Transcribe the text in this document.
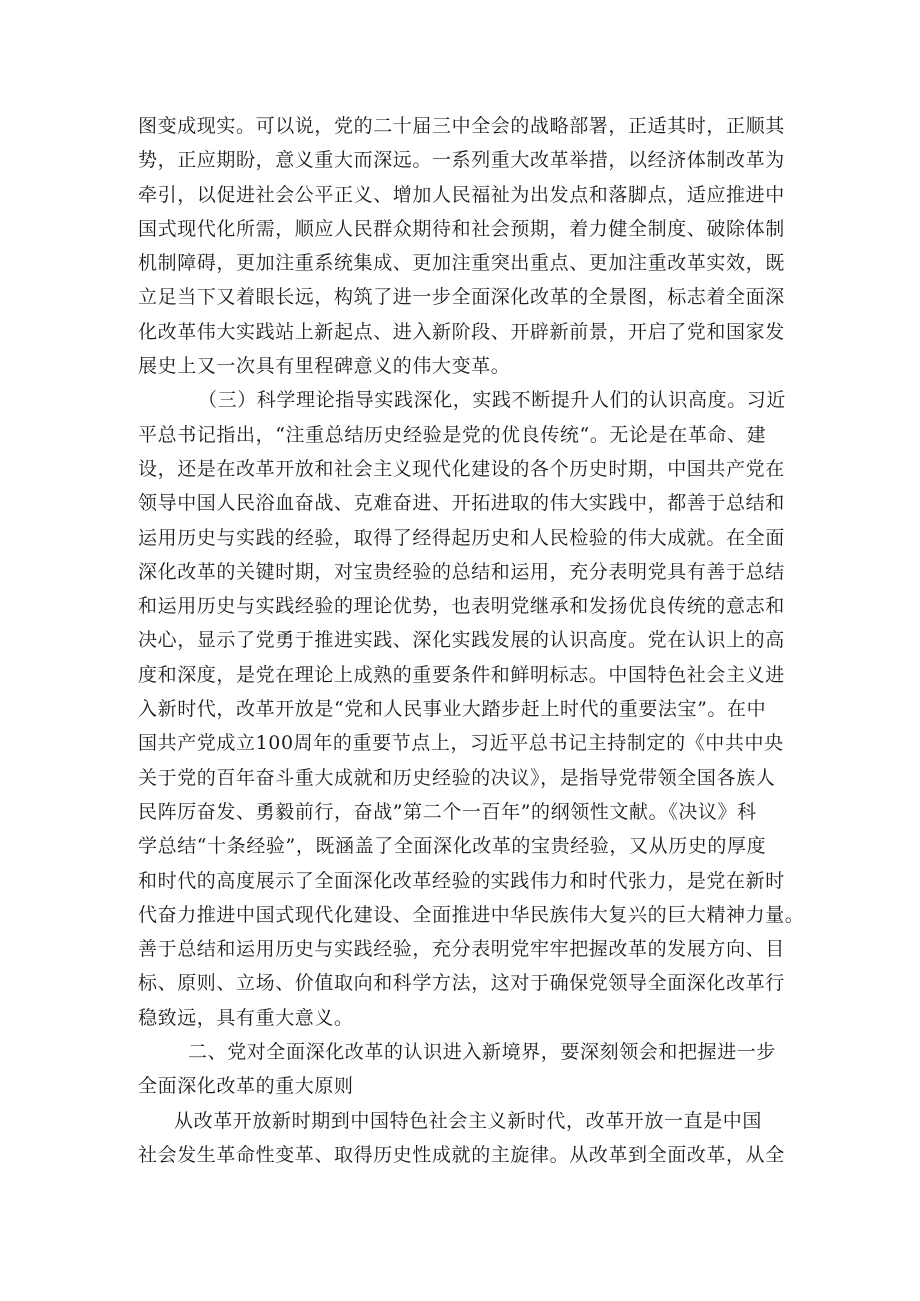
图变成现实。可以说，党的二十届三中全会的战略部署，正适其时，正顺其
势，正应期盼，意义重大而深远。一系列重大改革举措，以经济体制改革为
牵引，以促进社会公平正义、增加人民福祉为出发点和落脚点，适应推进中
国式现代化所需，顺应人民群众期待和社会预期，着力健全制度、破除体制
机制障碍，更加注重系统集成、更加注重突出重点、更加注重改革实效，既
立足当下又着眼长远，构筑了进一步全面深化改革的全景图，标志着全面深
化改革伟大实践站上新起点、进入新阶段、开辟新前景，开启了党和国家发
展史上又一次具有里程碑意义的伟大变革。
（三）科学理论指导实践深化，实践不断提升人们的认识高度。习近
平总书记指出，“注重总结历史经验是党的优良传统“。无论是在革命、建
设，还是在改革开放和社会主义现代化建设的各个历史时期，中国共产党在
领导中国人民浴血奋战、克难奋进、开拓进取的伟大实践中，都善于总结和
运用历史与实践的经验，取得了经得起历史和人民检验的伟大成就。在全面
深化改革的关键时期，对宝贵经验的总结和运用，充分表明党具有善于总结
和运用历史与实践经验的理论优势，也表明党继承和发扬优良传统的意志和
决心，显示了党勇于推进实践、深化实践发展的认识高度。党在认识上的高
度和深度，是党在理论上成熟的重要条件和鲜明标志。中国特色社会主义进
入新时代，改革开放是“党和人民事业大踏步赶上时代的重要法宝”。在中
国共产党成立100周年的重要节点上，习近平总书记主持制定的《中共中央
关于党的百年奋斗重大成就和历史经验的决议》，是指导党带领全国各族人
民阵厉奋发、勇毅前行，奋战”第二个一百年”的纲领性文献。《决议》科
学总结“十条经验”，既涵盖了全面深化改革的宝贵经验，又从历史的厚度
和时代的高度展示了全面深化改革经验的实践伟力和时代张力，是党在新时
代奋力推进中国式现代化建设、全面推进中华民族伟大复兴的巨大精神力量。
善于总结和运用历史与实践经验，充分表明党牢牢把握改革的发展方向、目
标、原则、立场、价值取向和科学方法，这对于确保党领导全面深化改革行
稳致远，具有重大意义。
二、党对全面深化改革的认识进入新境界，要深刻领会和把握进一步
全面深化改革的重大原则
从改革开放新时期到中国特色社会主义新时代，改革开放一直是中国
社会发生革命性变革、取得历史性成就的主旋律。从改革到全面改革，从全
